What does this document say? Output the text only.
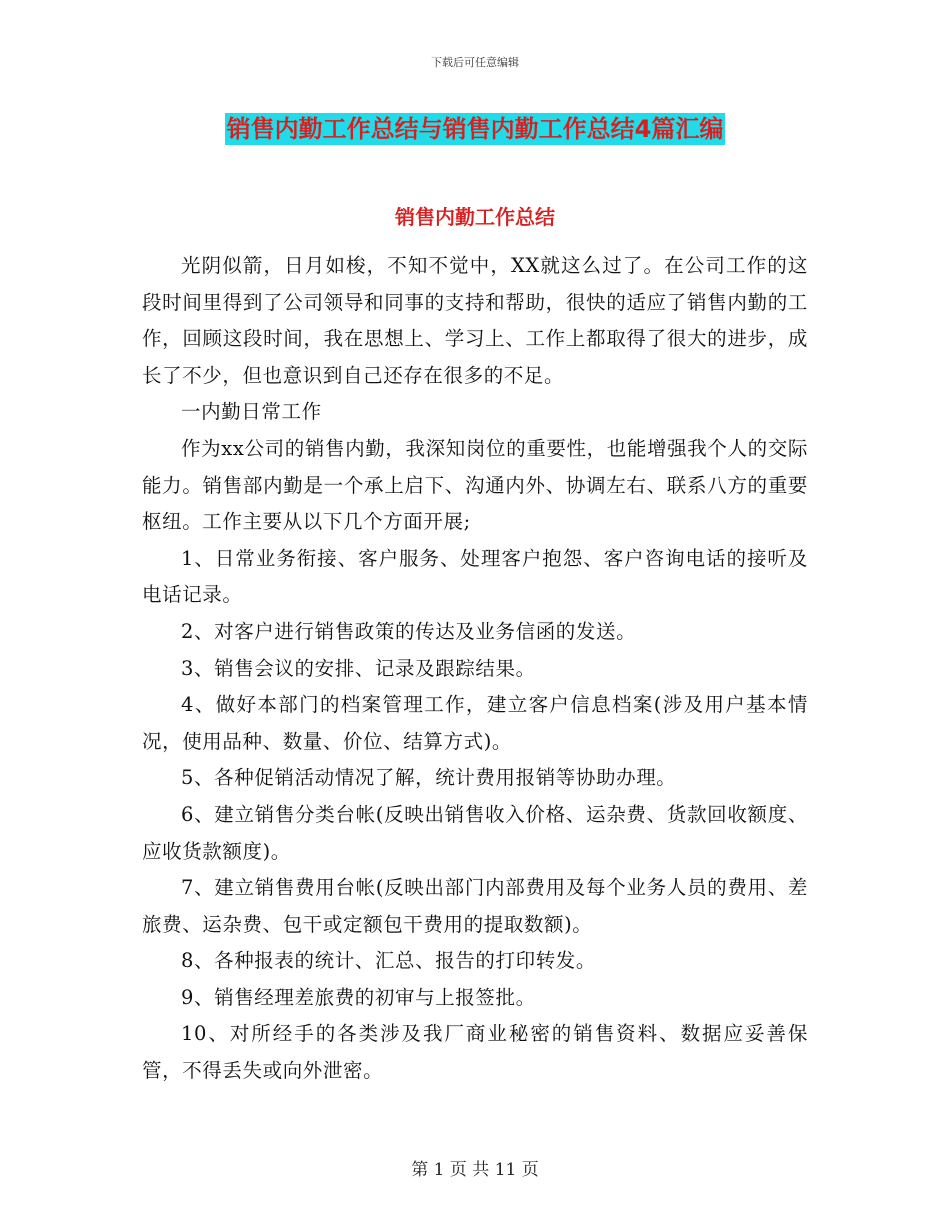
下载后可任意编辑
销售内勤工作总结与销售内勤工作总结4篇汇编
销售内勤工作总结

光阴似箭，日月如梭，不知不觉中，XX就这么过了。在公司工作的这段时间里得到了公司领导和同事的支持和帮助，很快的适应了销售内勤的工作，回顾这段时间，我在思想上、学习上、工作上都取得了很大的进步，成长了不少，但也意识到自己还存在很多的不足。

一内勤日常工作

作为xx公司的销售内勤，我深知岗位的重要性，也能增强我个人的交际能力。销售部内勤是一个承上启下、沟通内外、协调左右、联系八方的重要枢纽。工作主要从以下几个方面开展;

1、日常业务衔接、客户服务、处理客户抱怨、客户咨询电话的接听及电话记录。

2、对客户进行销售政策的传达及业务信函的发送。

3、销售会议的安排、记录及跟踪结果。

4、做好本部门的档案管理工作，建立客户信息档案(涉及用户基本情况，使用品种、数量、价位、结算方式)。

5、各种促销活动情况了解，统计费用报销等协助办理。

6、建立销售分类台帐(反映出销售收入价格、运杂费、货款回收额度、应收货款额度)。

7、建立销售费用台帐(反映出部门内部费用及每个业务人员的费用、差旅费、运杂费、包干或定额包干费用的提取数额)。

8、各种报表的统计、汇总、报告的打印转发。

9、销售经理差旅费的初审与上报签批。

10、对所经手的各类涉及我厂商业秘密的销售资料、数据应妥善保管，不得丢失或向外泄密。

第 1 页 共 11 页
